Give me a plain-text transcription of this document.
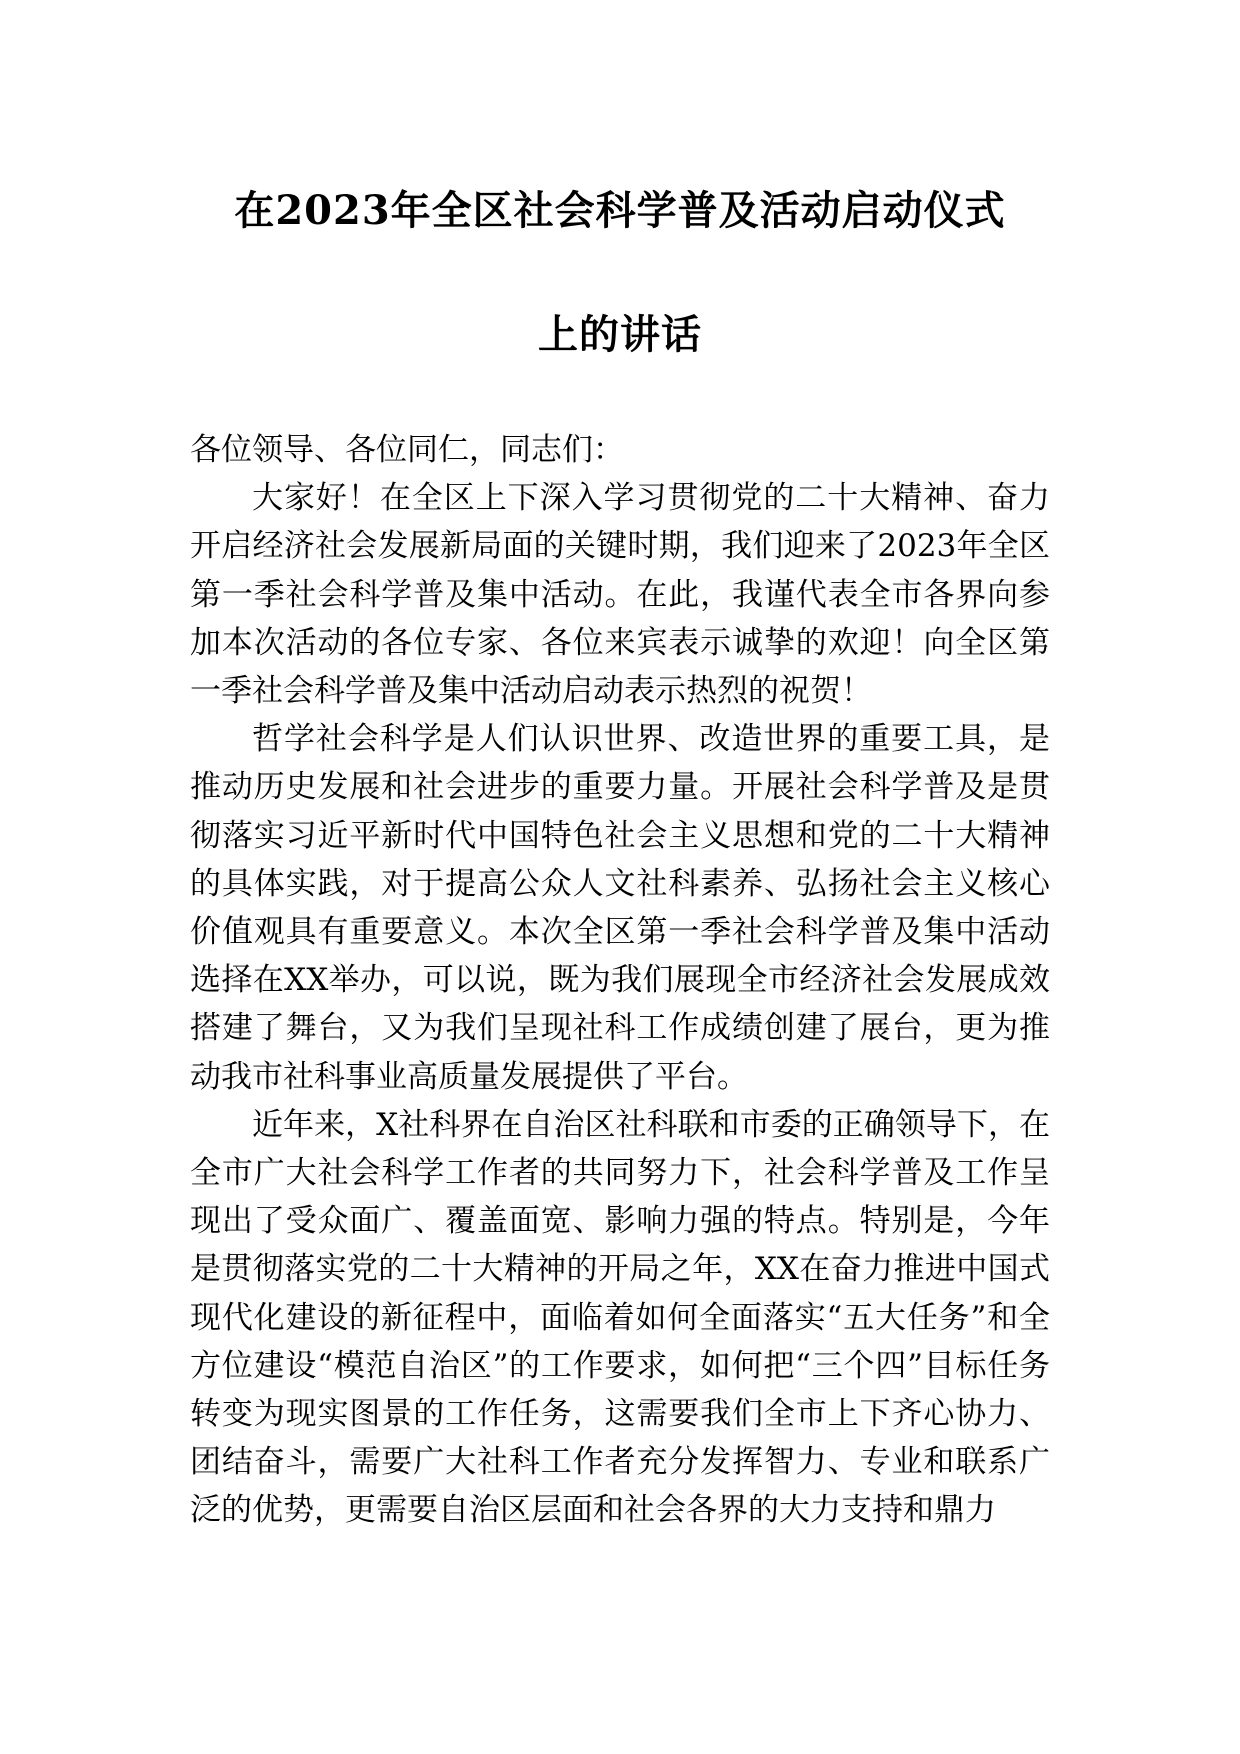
在2023年全区社会科学普及活动启动仪式
上的讲话

各位领导、各位同仁，同志们：

大家好！在全区上下深入学习贯彻党的二十大精神、奋力开启经济社会发展新局面的关键时期，我们迎来了2023年全区第一季社会科学普及集中活动。在此，我谨代表全市各界向参加本次活动的各位专家、各位来宾表示诚挚的欢迎！向全区第一季社会科学普及集中活动启动表示热烈的祝贺！

哲学社会科学是人们认识世界、改造世界的重要工具，是推动历史发展和社会进步的重要力量。开展社会科学普及是贯彻落实习近平新时代中国特色社会主义思想和党的二十大精神的具体实践，对于提高公众人文社科素养、弘扬社会主义核心价值观具有重要意义。本次全区第一季社会科学普及集中活动选择在XX举办，可以说，既为我们展现全市经济社会发展成效搭建了舞台，又为我们呈现社科工作成绩创建了展台，更为推动我市社科事业高质量发展提供了平台。

近年来，X社科界在自治区社科联和市委的正确领导下，在全市广大社会科学工作者的共同努力下，社会科学普及工作呈现出了受众面广、覆盖面宽、影响力强的特点。特别是，今年是贯彻落实党的二十大精神的开局之年，XX在奋力推进中国式现代化建设的新征程中，面临着如何全面落实“五大任务”和全方位建设“模范自治区”的工作要求，如何把“三个四”目标任务转变为现实图景的工作任务，这需要我们全市上下齐心协力、团结奋斗，需要广大社科工作者充分发挥智力、专业和联系广泛的优势，更需要自治区层面和社会各界的大力支持和鼎力
